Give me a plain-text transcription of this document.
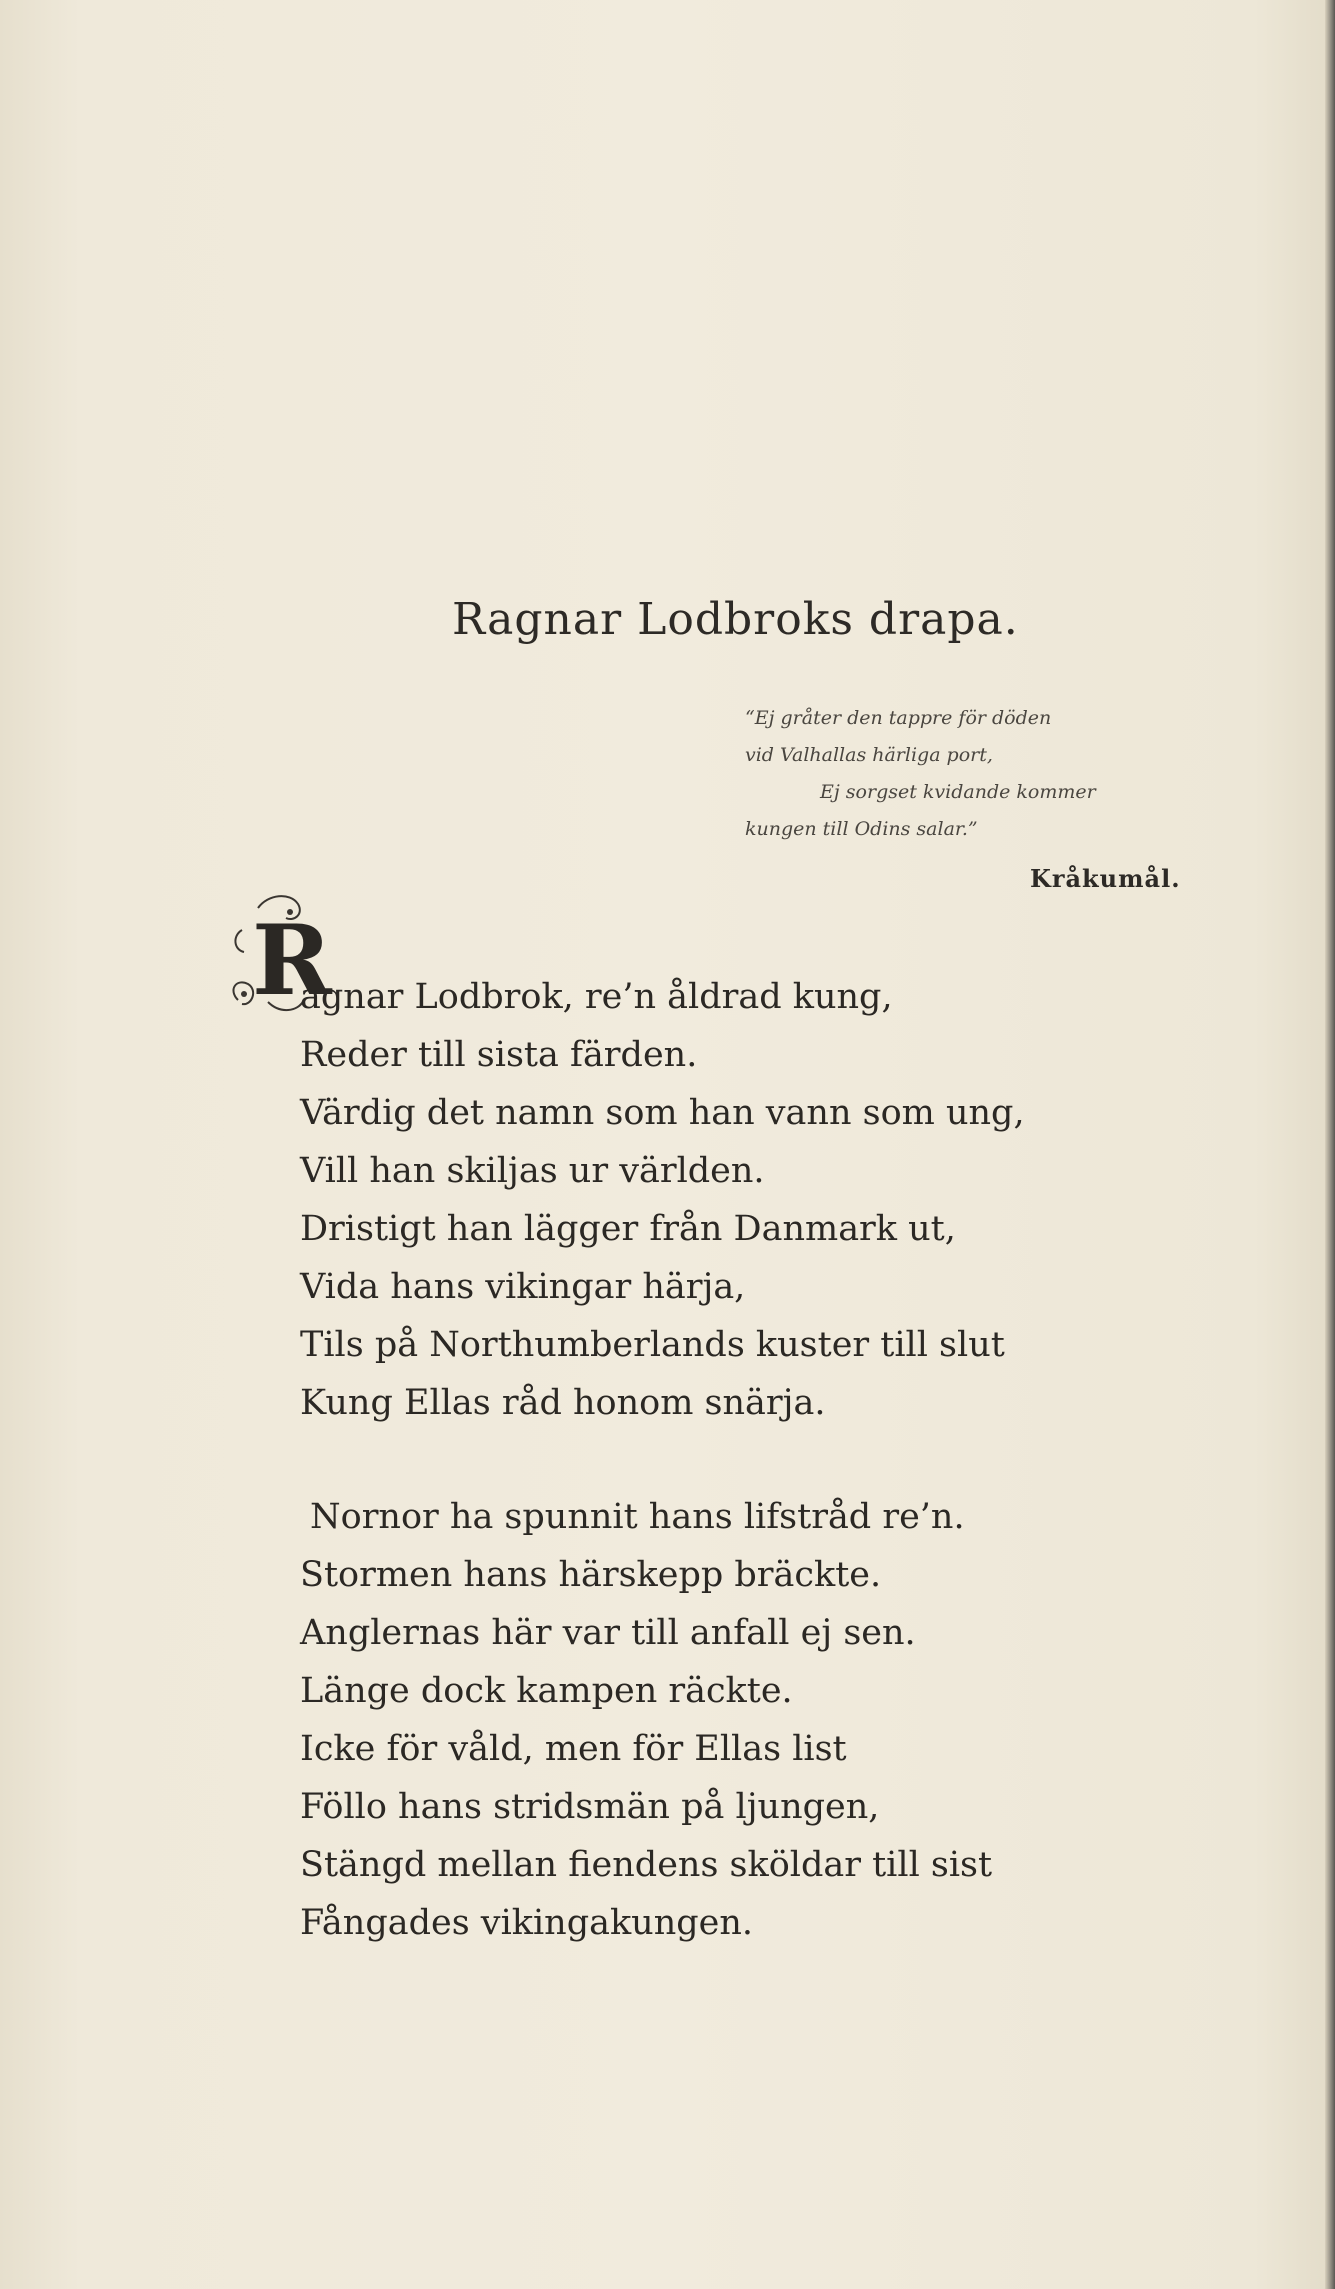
Ragnar Lodbroks drapa.
“Ej gråter den tappre för döden
vid Valhallas härliga port,
Ej sorgset kvidande kommer
kungen till Odins salar.”
Kråkumål.
R
agnar Lodbrok, re’n åldrad kung,
Reder till sista färden.
Värdig det namn som han vann som ung,
Vill han skiljas ur världen.
Dristigt han lägger från Danmark ut,
Vida hans vikingar härja,
Tils på Northumberlands kuster till slut
Kung Ellas råd honom snärja.
Nornor ha spunnit hans lifstråd re’n.
Stormen hans härskepp bräckte.
Anglernas här var till anfall ej sen.
Länge dock kampen räckte.
Icke för våld, men för Ellas list
Föllo hans stridsmän på ljungen,
Stängd mellan fiendens sköldar till sist
Fångades vikingakungen.
